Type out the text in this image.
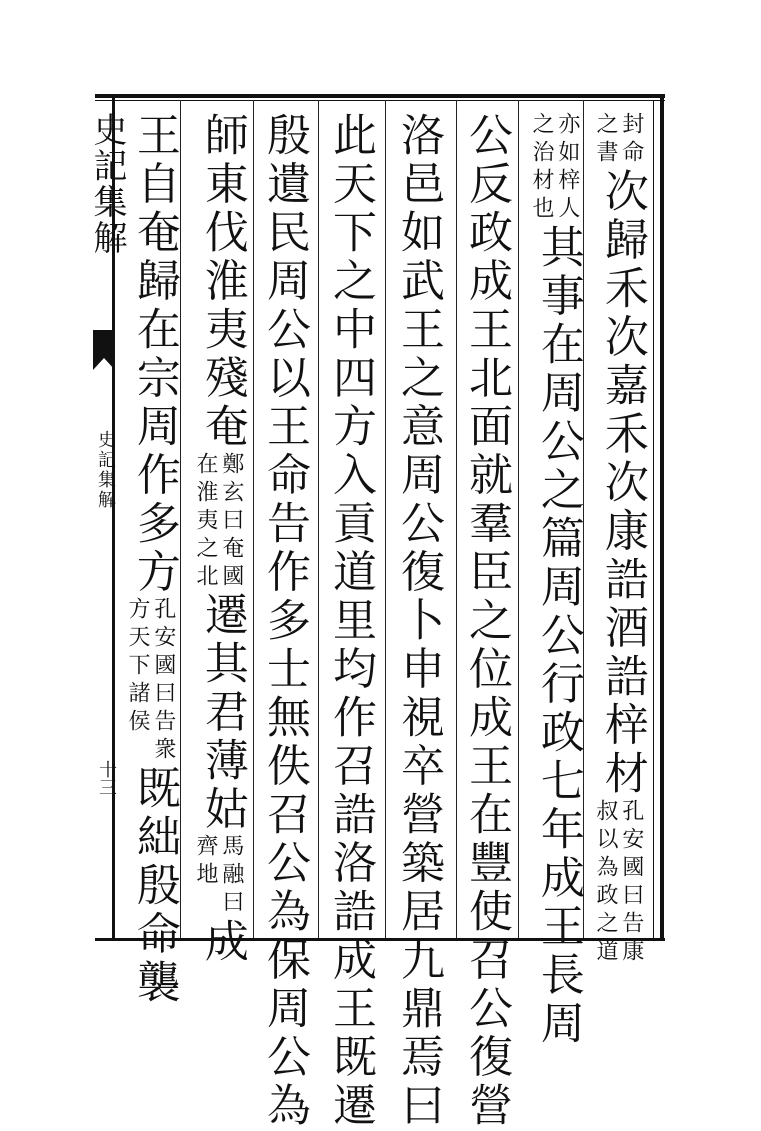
史記集解
史記集解
十三
封命
之書次歸禾次嘉禾次康誥酒誥梓材孔安國曰告康
叔以為政之道
亦如梓人
之治材也其事在周公之篇周公行政七年成王長周
公反政成王北面就羣臣之位成王在豐使召公復營
洛邑如武王之意周公復卜申視卒營築居九鼎焉曰
此天下之中四方入貢道里均作召誥洛誥成王既遷
殷遺民周公以王命告作多士無佚召公為保周公為
師東伐淮夷殘奄鄭玄曰奄國
在淮夷之北遷其君薄姑馬融曰
齊地成
王自奄歸在宗周作多方孔安國曰告衆
方天下諸侯既絀殷命襲
